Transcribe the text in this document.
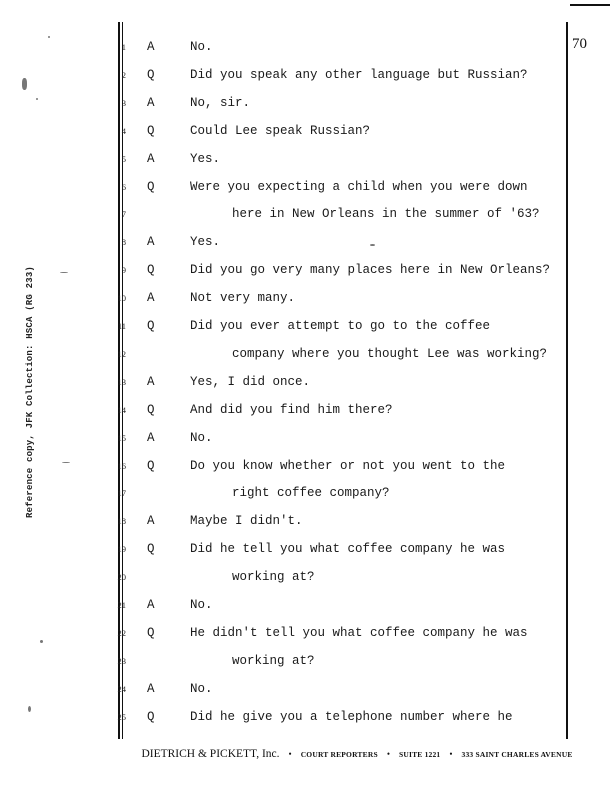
70
Reference copy, JFK Collection: HSCA (RG 233)
1 A	No.
2 Q	Did you speak any other language but Russian?
3 A	No, sir.
4 Q	Could Lee speak Russian?
5 A	Yes.
6 Q	Were you expecting a child when you were down
7	here in New Orleans in the summer of '63?
8 A	Yes.
9 Q	Did you go very many places here in New Orleans?
10 A	Not very many.
11 Q	Did you ever attempt to go to the coffee
12	company where you thought Lee was working?
13 A	Yes, I did once.
14 Q	And did you find him there?
15 A	No.
16 Q	Do you know whether or not you went to the
17	right coffee company?
18 A	Maybe I didn't.
19 Q	Did he tell you what coffee company he was
20	working at?
21 A	No.
22 Q	He didn't tell you what coffee company he was
23	working at?
24 A	No.
25 Q	Did he give you a telephone number where he
DIETRICH & PICKETT, Inc. • COURT REPORTERS • SUITE 1221 • 333 SAINT CHARLES AVENUE
